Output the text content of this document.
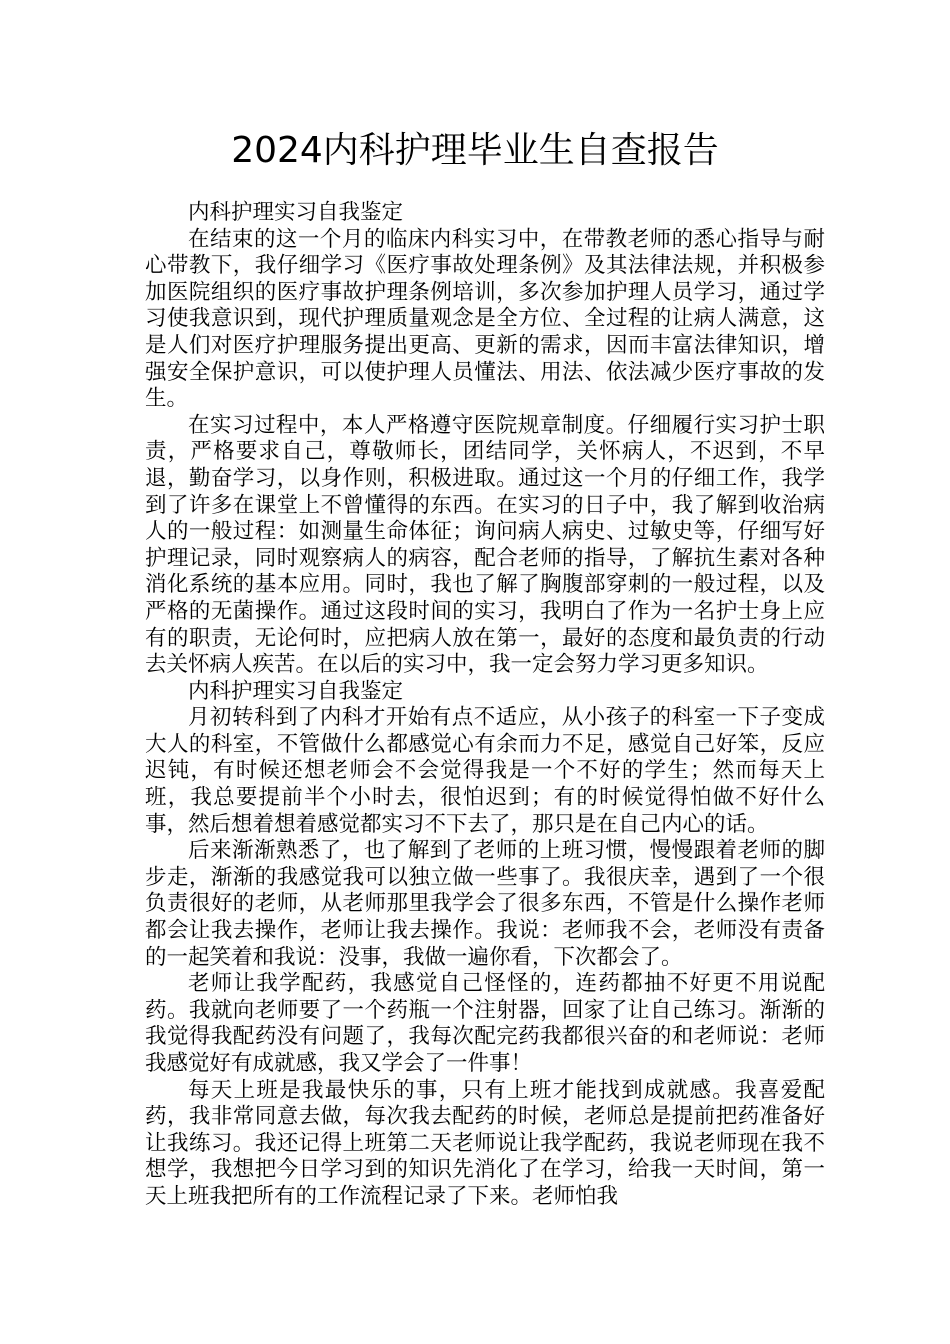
2024内科护理毕业生自查报告

内科护理实习自我鉴定

在结束的这一个月的临床内科实习中，在带教老师的悉心指导与耐心带教下，我仔细学习《医疗事故处理条例》及其法律法规，并积极参加医院组织的医疗事故护理条例培训，多次参加护理人员学习，通过学习使我意识到，现代护理质量观念是全方位、全过程的让病人满意，这是人们对医疗护理服务提出更高、更新的需求，因而丰富法律知识，增强安全保护意识，可以使护理人员懂法、用法、依法减少医疗事故的发生。

在实习过程中，本人严格遵守医院规章制度。仔细履行实习护士职责，严格要求自己，尊敬师长，团结同学，关怀病人，不迟到，不早退，勤奋学习，以身作则，积极进取。通过这一个月的仔细工作，我学到了许多在课堂上不曾懂得的东西。在实习的日子中，我了解到收治病人的一般过程：如测量生命体征；询问病人病史、过敏史等，仔细写好护理记录，同时观察病人的病容，配合老师的指导，了解抗生素对各种消化系统的基本应用。同时，我也了解了胸腹部穿刺的一般过程，以及严格的无菌操作。通过这段时间的实习，我明白了作为一名护士身上应有的职责，无论何时，应把病人放在第一，最好的态度和最负责的行动去关怀病人疾苦。在以后的实习中，我一定会努力学习更多知识。

内科护理实习自我鉴定

月初转科到了内科才开始有点不适应，从小孩子的科室一下子变成大人的科室，不管做什么都感觉心有余而力不足，感觉自己好笨，反应迟钝，有时候还想老师会不会觉得我是一个不好的学生；然而每天上班，我总要提前半个小时去，很怕迟到；有的时候觉得怕做不好什么事，然后想着想着感觉都实习不下去了，那只是在自己内心的话。

后来渐渐熟悉了，也了解到了老师的上班习惯，慢慢跟着老师的脚步走，渐渐的我感觉我可以独立做一些事了。我很庆幸，遇到了一个很负责很好的老师，从老师那里我学会了很多东西，不管是什么操作老师都会让我去操作，老师让我去操作。我说：老师我不会，老师没有责备的一起笑着和我说：没事，我做一遍你看，下次都会了。

老师让我学配药，我感觉自己怪怪的，连药都抽不好更不用说配药。我就向老师要了一个药瓶一个注射器，回家了让自己练习。渐渐的我觉得我配药没有问题了，我每次配完药我都很兴奋的和老师说：老师我感觉好有成就感，我又学会了一件事！

每天上班是我最快乐的事，只有上班才能找到成就感。我喜爱配药，我非常同意去做，每次我去配药的时候，老师总是提前把药准备好让我练习。我还记得上班第二天老师说让我学配药，我说老师现在我不想学，我想把今日学习到的知识先消化了在学习，给我一天时间，第一天上班我把所有的工作流程记录了下来。老师怕我
